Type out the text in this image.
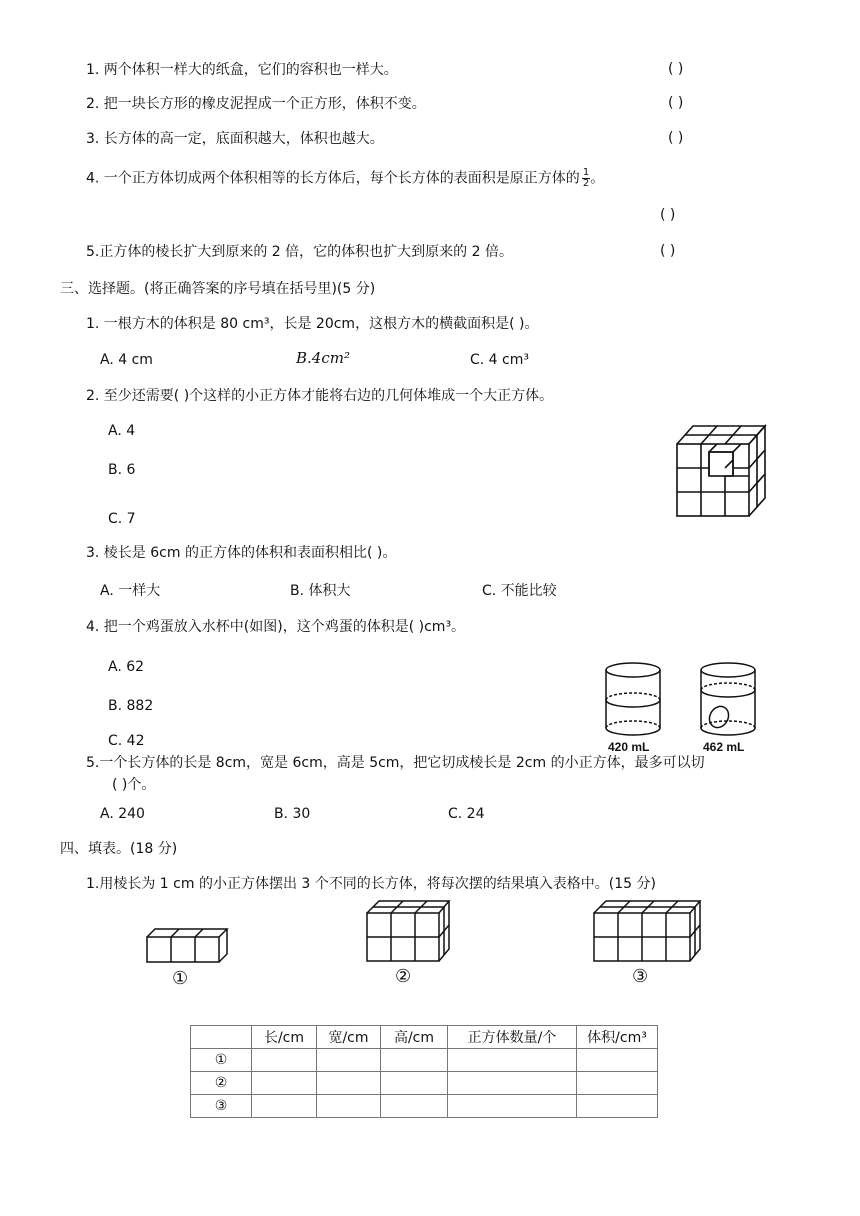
1. 两个体积一样大的纸盒，它们的容积也一样大。	( )
2. 把一块长方形的橡皮泥捏成一个正方形，体积不变。	( )
3. 长方体的高一定，底面积越大，体积也越大。	( )
4. 一个正方体切成两个体积相等的长方体后，每个长方体的表面积是原正方体的 $\frac{1}{2}$ 。
( )
5.正方体的棱长扩大到原来的 2 倍，它的体积也扩大到原来的 2 倍。	( )
三、选择题。(将正确答案的序号填在括号里)(5 分)
1. 一根方木的体积是 80 cm³，长是 20cm，这根方木的横截面积是( )。
A. 4 cm	B.4cm²	C. 4 cm³
2. 至少还需要( )个这样的小正方体才能将右边的几何体堆成一个大正方体。
A. 4
B. 6
C. 7
3. 棱长是 6cm 的正方体的体积和表面积相比( )。
A. 一样大	B. 体积大	C. 不能比较
4. 把一个鸡蛋放入水杯中(如图)，这个鸡蛋的体积是( )cm³。
A. 62
B. 882
C. 42	420 mL	462 mL
5.一个长方体的长是 8cm，宽是 6cm，高是 5cm，把它切成棱长是 2cm 的小正方体，最多可以切
( )个。
A. 240	B. 30	C. 24
四、填表。(18 分)
1.用棱长为 1 cm 的小正方体摆出 3 个不同的长方体，将每次摆的结果填入表格中。(15 分)
①	②	③
	长/cm	宽/cm	高/cm	正方体数量/个	体积/cm³
①					
②					
③					
